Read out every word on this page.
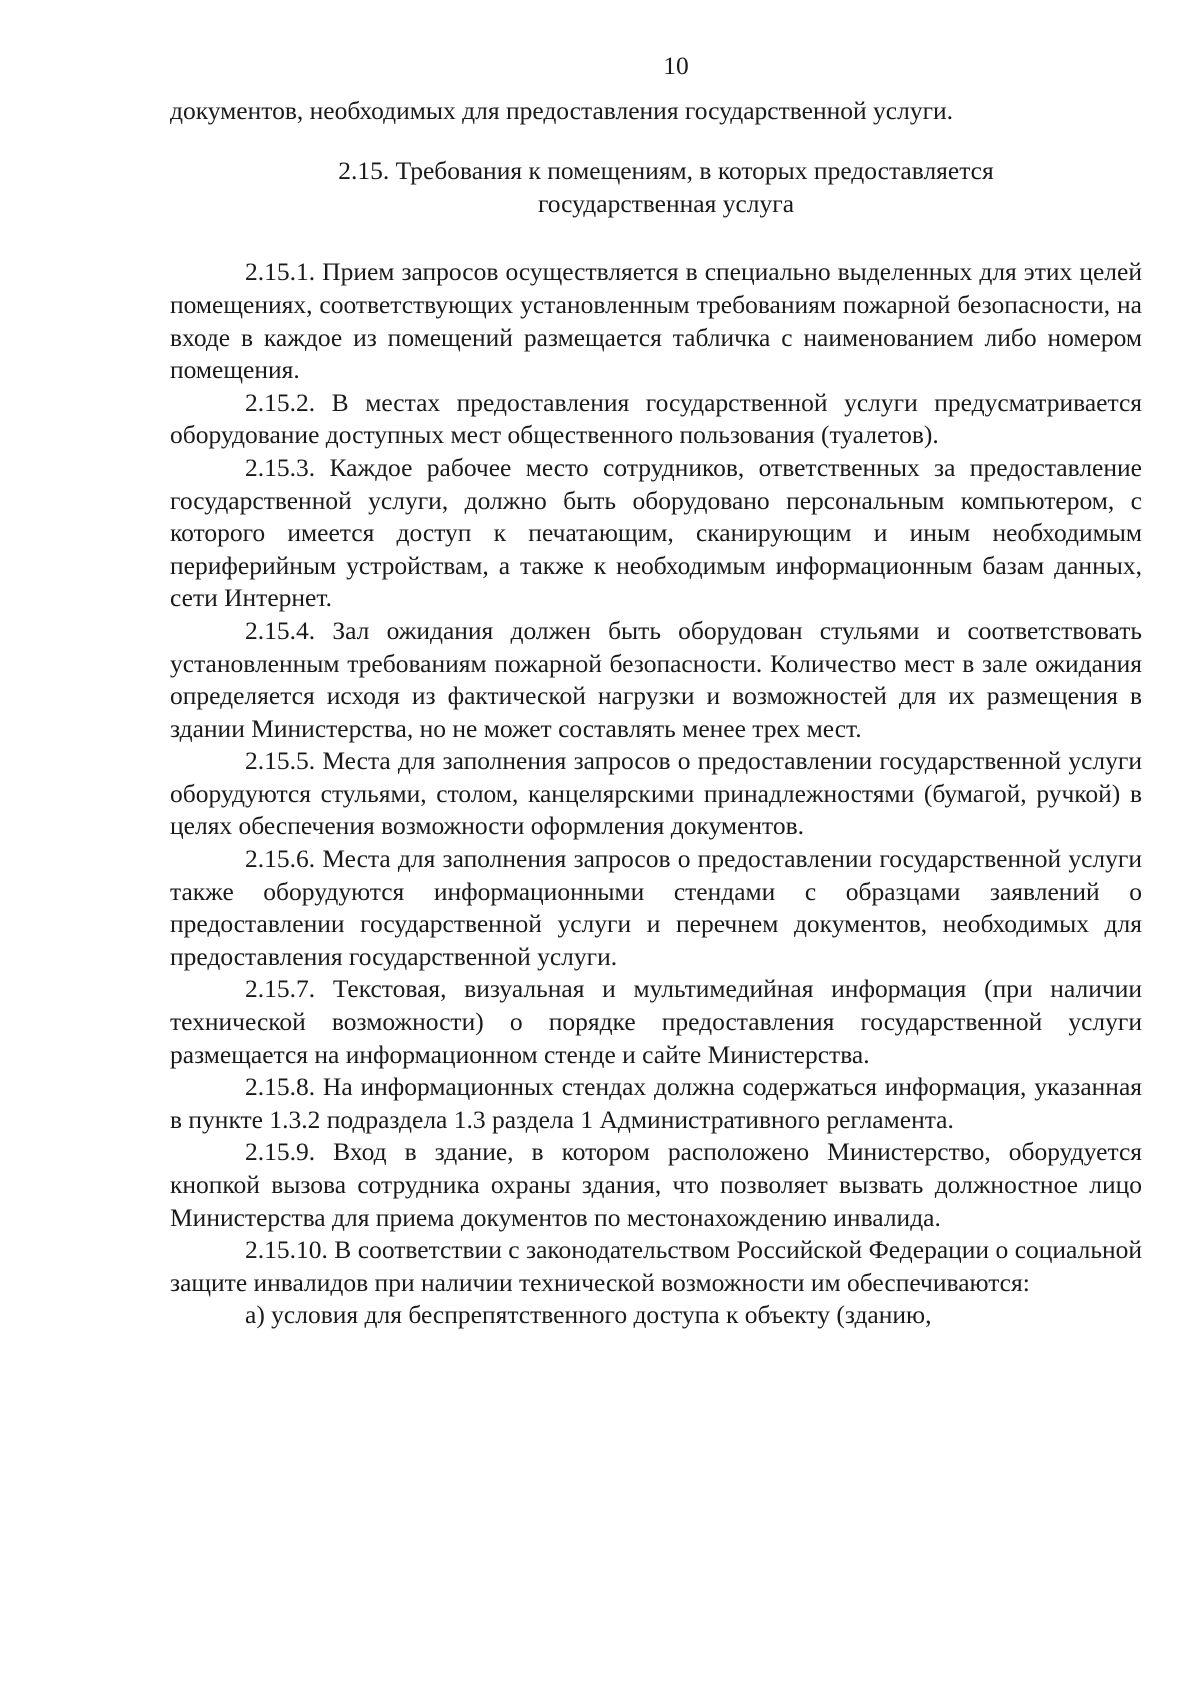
10

документов, необходимых для предоставления государственной услуги.

2.15. Требования к помещениям, в которых предоставляется
государственная услуга

2.15.1. Прием запросов осуществляется в специально выделенных для этих целей помещениях, соответствующих установленным требованиям пожарной безопасности, на входе в каждое из помещений размещается табличка с наименованием либо номером помещения.

2.15.2. В местах предоставления государственной услуги предусматривается оборудование доступных мест общественного пользования (туалетов).

2.15.3. Каждое рабочее место сотрудников, ответственных за предоставление государственной услуги, должно быть оборудовано персональным компьютером, с которого имеется доступ к печатающим, сканирующим и иным необходимым периферийным устройствам, а также к необходимым информационным базам данных, сети Интернет.

2.15.4. Зал ожидания должен быть оборудован стульями и соответствовать установленным требованиям пожарной безопасности. Количество мест в зале ожидания определяется исходя из фактической нагрузки и возможностей для их размещения в здании Министерства, но не может составлять менее трех мест.

2.15.5. Места для заполнения запросов о предоставлении государственной услуги оборудуются стульями, столом, канцелярскими принадлежностями (бумагой, ручкой) в целях обеспечения возможности оформления документов.

2.15.6. Места для заполнения запросов о предоставлении государственной услуги также оборудуются информационными стендами с образцами заявлений о предоставлении государственной услуги и перечнем документов, необходимых для предоставления государственной услуги.

2.15.7. Текстовая, визуальная и мультимедийная информация (при наличии технической возможности) о порядке предоставления государственной услуги размещается на информационном стенде и сайте Министерства.

2.15.8. На информационных стендах должна содержаться информация, указанная в пункте 1.3.2 подраздела 1.3 раздела 1 Административного регламента.

2.15.9. Вход в здание, в котором расположено Министерство, оборудуется кнопкой вызова сотрудника охраны здания, что позволяет вызвать должностное лицо Министерства для приема документов по местонахождению инвалида.

2.15.10. В соответствии с законодательством Российской Федерации о социальной защите инвалидов при наличии технической возможности им обеспечиваются:

а) условия для беспрепятственного доступа к объекту (зданию,
